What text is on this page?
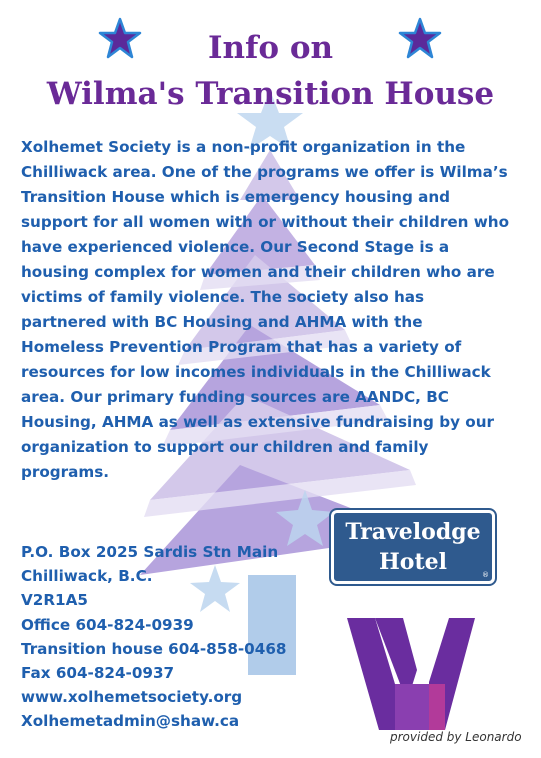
Info on
Wilma's Transition House
Xolhemet Society is a non-profit organization in the
Chilliwack area. One of the programs we offer is Wilma’s
Transition House which is emergency housing and
support for all women with or without their children who
have experienced violence. Our Second Stage is a
housing complex for women and their children who are
victims of family violence. The society also has
partnered with BC Housing and AHMA with the
Homeless Prevention Program that has a variety of
resources for low incomes individuals in the Chilliwack
area. Our primary funding sources are AANDC, BC
Housing, AHMA as well as extensive fundraising by our
organization to support our children and family
programs.
P.O. Box 2025 Sardis Stn Main
Chilliwack, B.C.
V2R1A5
Office 604-824-0939
Transition house 604-858-0468
Fax 604-824-0937
www.xolhemetsociety.org
Xolhemetadmin@shaw.ca
Travelodge
Hotel	®
provided by Leonardo
